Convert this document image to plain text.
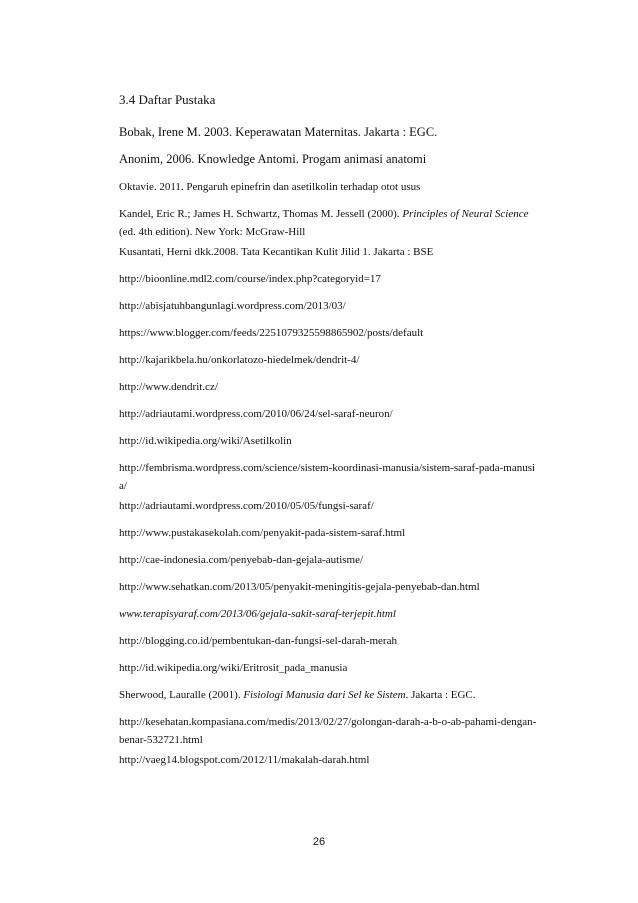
3.4 Daftar Pustaka
Bobak, Irene M. 2003. Keperawatan Maternitas. Jakarta : EGC.
Anonim, 2006. Knowledge Antomi. Progam animasi anatomi
Oktavie. 2011. Pengaruh epinefrin dan asetilkolin terhadap otot usus
Kandel, Eric R.; James H. Schwartz, Thomas M. Jessell (2000). Principles of Neural Science (ed. 4th edition). New York: McGraw-Hill
Kusantati, Herni dkk.2008. Tata Kecantikan Kulit Jilid 1. Jakarta : BSE
http://bioonline.mdl2.com/course/index.php?categoryid=17
http://abisjatuhbangunlagi.wordpress.com/2013/03/
https://www.blogger.com/feeds/2251079325598865902/posts/default
http://kajarikbela.hu/onkorlatozo-hiedelmek/dendrit-4/
http://www.dendrit.cz/
http://adriautami.wordpress.com/2010/06/24/sel-saraf-neuron/
http://id.wikipedia.org/wiki/Asetilkolin
http://fembrisma.wordpress.com/science/sistem-koordinasi-manusia/sistem-saraf-pada-manusia/
http://adriautami.wordpress.com/2010/05/05/fungsi-saraf/
http://www.pustakasekolah.com/penyakit-pada-sistem-saraf.html
http://cae-indonesia.com/penyebab-dan-gejala-autisme/
http://www.sehatkan.com/2013/05/penyakit-meningitis-gejala-penyebab-dan.html
www.terapisyaraf.com/2013/06/gejala-sakit-saraf-terjepit.html
http://blogging.co.id/pembentukan-dan-fungsi-sel-darah-merah
http://id.wikipedia.org/wiki/Eritrosit_pada_manusia
Sherwood, Lauralle (2001). Fisiologi Manusia dari Sel ke Sistem. Jakarta : EGC.
http://kesehatan.kompasiana.com/medis/2013/02/27/golongan-darah-a-b-o-ab-pahami-dengan-benar-532721.html
http://vaeg14.blogspot.com/2012/11/makalah-darah.html
26
